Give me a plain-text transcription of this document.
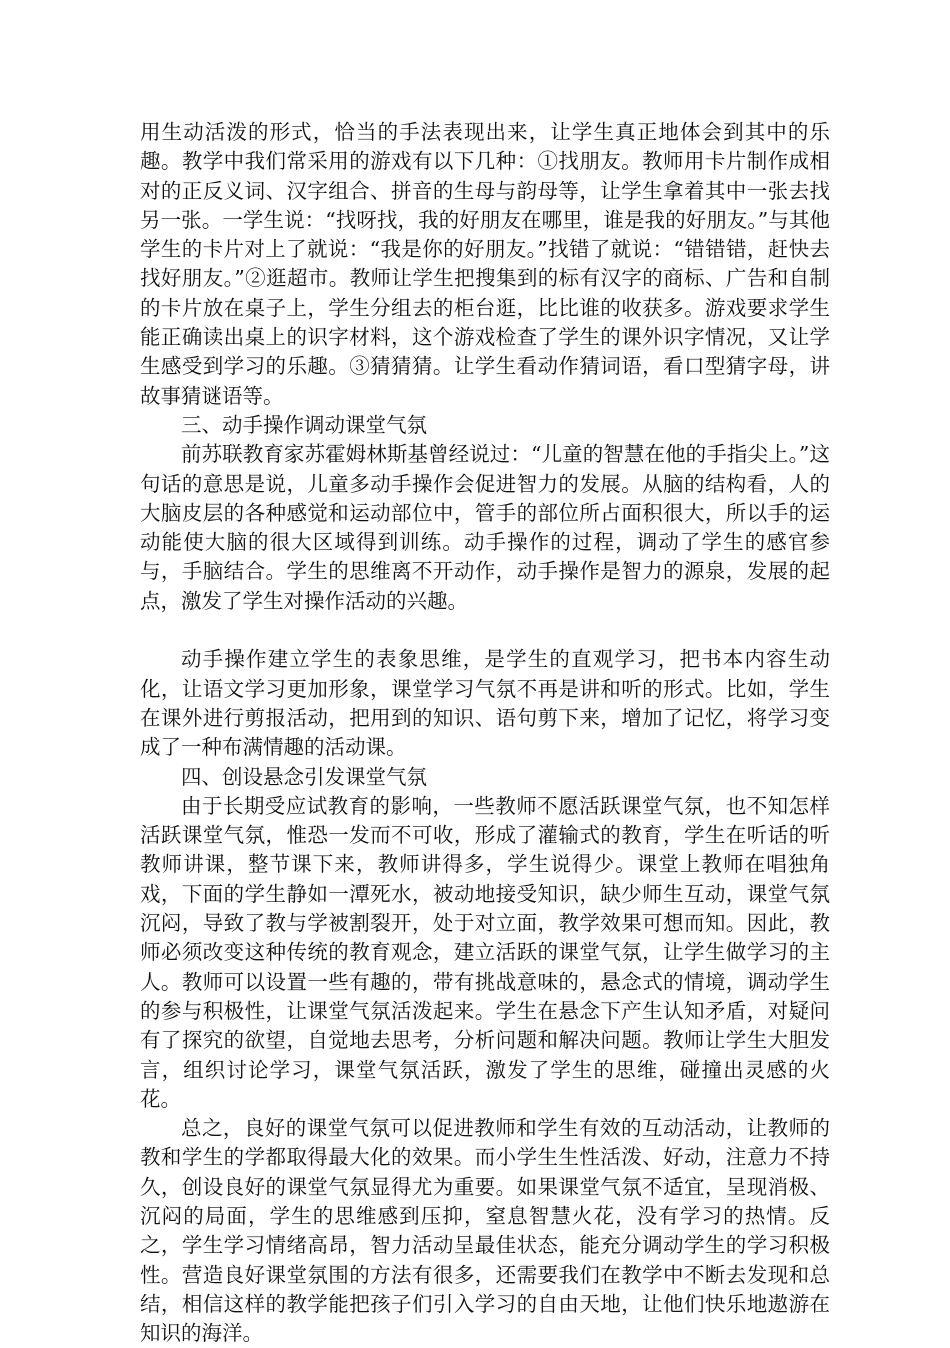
用生动活泼的形式，恰当的手法表现出来，让学生真正地体会到其中的乐趣。教学中我们常采用的游戏有以下几种：①找朋友。教师用卡片制作成相对的正反义词、汉字组合、拼音的生母与韵母等，让学生拿着其中一张去找另一张。一学生说：“找呀找，我的好朋友在哪里，谁是我的好朋友。”与其他学生的卡片对上了就说：“我是你的好朋友。”找错了就说：“错错错，赶快去找好朋友。”②逛超市。教师让学生把搜集到的标有汉字的商标、广告和自制的卡片放在桌子上，学生分组去的柜台逛，比比谁的收获多。游戏要求学生能正确读出桌上的识字材料，这个游戏检查了学生的课外识字情况，又让学生感受到学习的乐趣。③猜猜猜。让学生看动作猜词语，看口型猜字母，讲故事猜谜语等。

三、动手操作调动课堂气氛

前苏联教育家苏霍姆林斯基曾经说过：“儿童的智慧在他的手指尖上。”这句话的意思是说，儿童多动手操作会促进智力的发展。从脑的结构看，人的大脑皮层的各种感觉和运动部位中，管手的部位所占面积很大，所以手的运动能使大脑的很大区域得到训练。动手操作的过程，调动了学生的感官参与，手脑结合。学生的思维离不开动作，动手操作是智力的源泉，发展的起点，激发了学生对操作活动的兴趣。

动手操作建立学生的表象思维，是学生的直观学习，把书本内容生动化，让语文学习更加形象，课堂学习气氛不再是讲和听的形式。比如，学生在课外进行剪报活动，把用到的知识、语句剪下来，增加了记忆，将学习变成了一种布满情趣的活动课。

四、创设悬念引发课堂气氛

由于长期受应试教育的影响，一些教师不愿活跃课堂气氛，也不知怎样活跃课堂气氛，惟恐一发而不可收，形成了灌输式的教育，学生在听话的听教师讲课，整节课下来，教师讲得多，学生说得少。课堂上教师在唱独角戏，下面的学生静如一潭死水，被动地接受知识，缺少师生互动，课堂气氛沉闷，导致了教与学被割裂开，处于对立面，教学效果可想而知。因此，教师必须改变这种传统的教育观念，建立活跃的课堂气氛，让学生做学习的主人。教师可以设置一些有趣的，带有挑战意味的，悬念式的情境，调动学生的参与积极性，让课堂气氛活泼起来。学生在悬念下产生认知矛盾，对疑问有了探究的欲望，自觉地去思考，分析问题和解决问题。教师让学生大胆发言，组织讨论学习，课堂气氛活跃，激发了学生的思维，碰撞出灵感的火花。

总之，良好的课堂气氛可以促进教师和学生有效的互动活动，让教师的教和学生的学都取得最大化的效果。而小学生生性活泼、好动，注意力不持久，创设良好的课堂气氛显得尤为重要。如果课堂气氛不适宜，呈现消极、沉闷的局面，学生的思维感到压抑，窒息智慧火花，没有学习的热情。反之，学生学习情绪高昂，智力活动呈最佳状态，能充分调动学生的学习积极性。营造良好课堂氛围的方法有很多，还需要我们在教学中不断去发现和总结，相信这样的教学能把孩子们引入学习的自由天地，让他们快乐地遨游在知识的海洋。
